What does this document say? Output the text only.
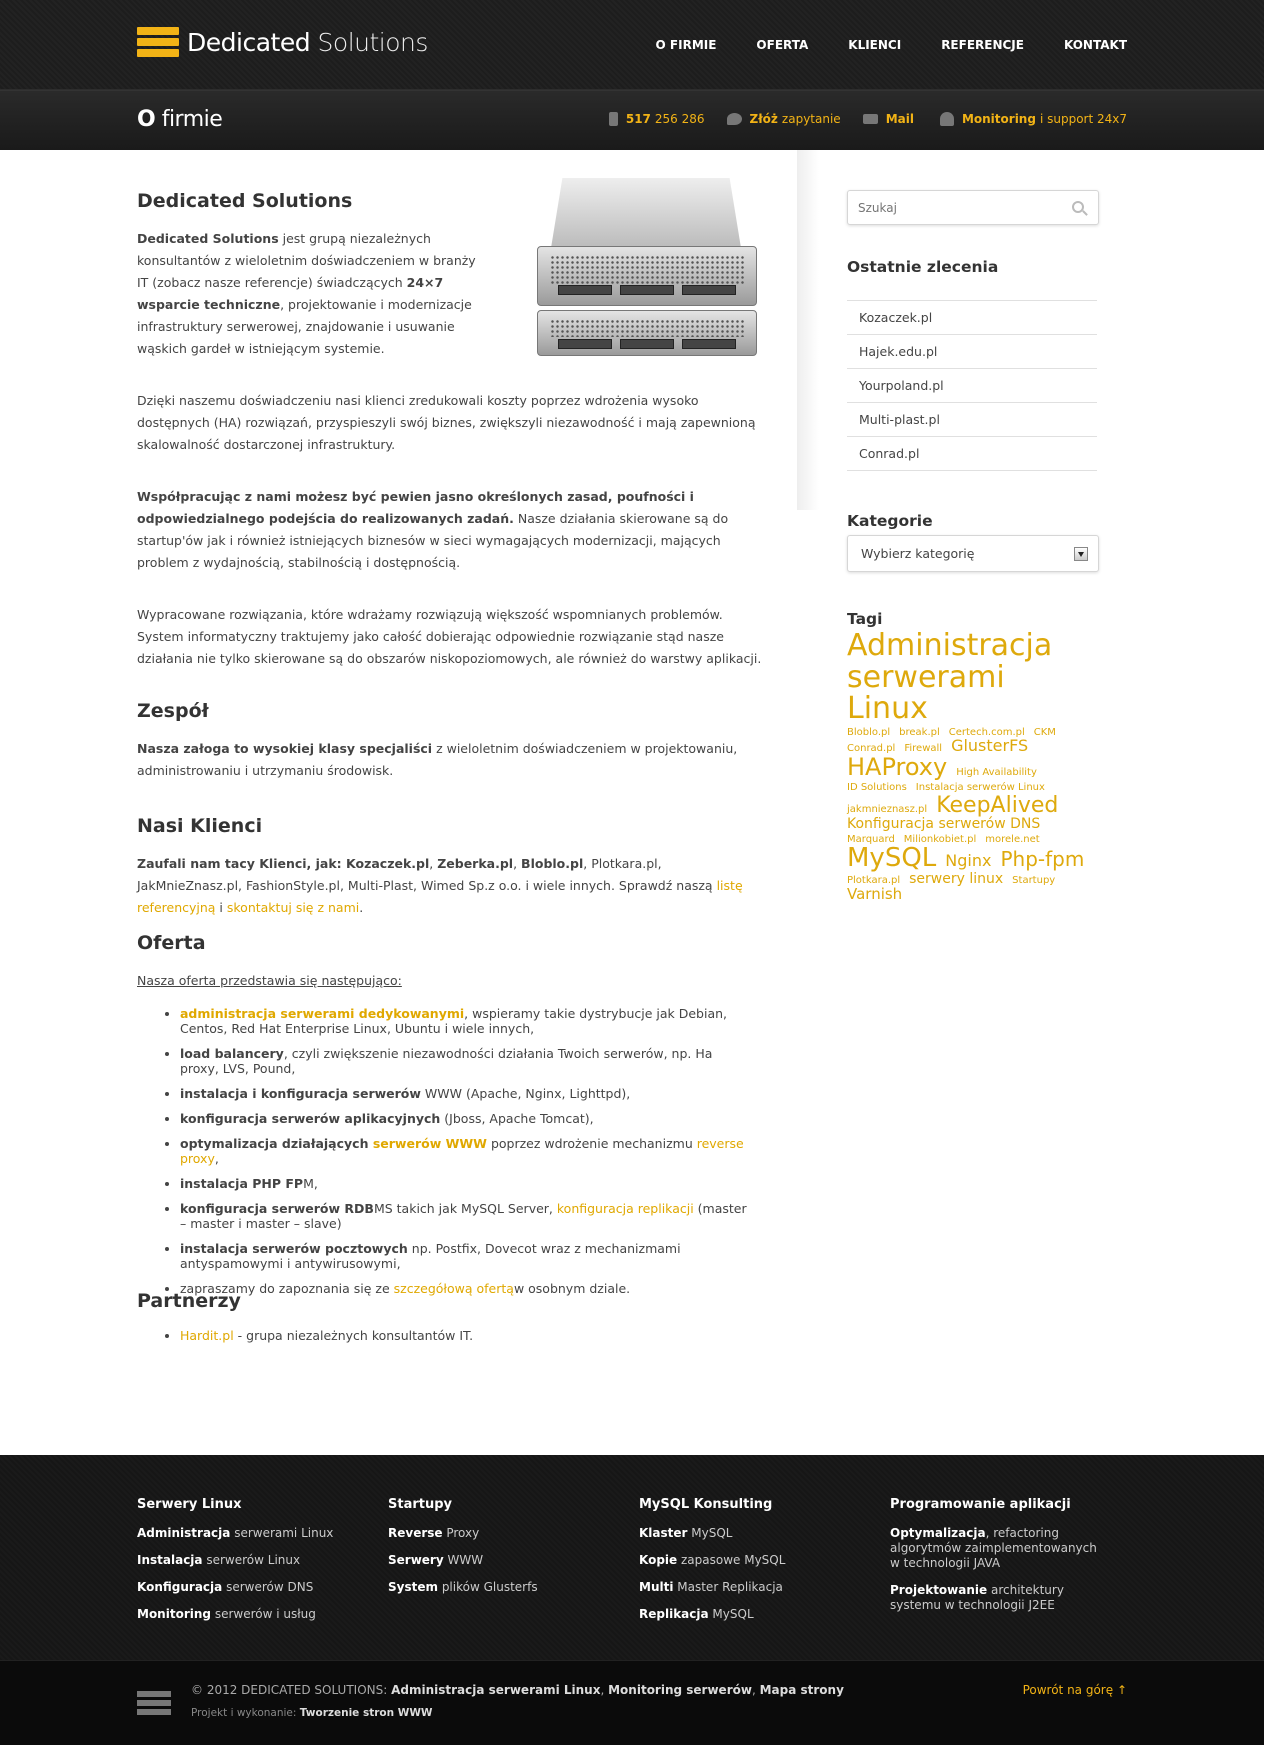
Dedicated Solutions	O FIRMIE	OFERTA	KLIENCI	REFERENCJE	KONTAKT
O firmie	517 256 286	Złóż zapytanie	Mail	Monitoring i support 24x7
Dedicated Solutions

Dedicated Solutions jest grupą niezależnych konsultantów z wieloletnim doświadczeniem w branży IT (zobacz nasze referencje) świadczących 24×7 wsparcie techniczne, projektowanie i modernizacje infrastruktury serwerowej, znajdowanie i usuwanie wąskich gardeł w istniejącym systemie.

Dzięki naszemu doświadczeniu nasi klienci zredukowali koszty poprzez wdrożenia wysoko dostępnych (HA) rozwiązań, przyspieszyli swój biznes, zwiększyli niezawodność i mają zapewnioną skalowalność dostarczonej infrastruktury.

Współpracując z nami możesz być pewien jasno określonych zasad, poufności i odpowiedzialnego podejścia do realizowanych zadań. Nasze działania skierowane są do startup'ów jak i również istniejących biznesów w sieci wymagających modernizacji, mających problem z wydajnością, stabilnością i dostępnością.

Wypracowane rozwiązania, które wdrażamy rozwiązują większość wspomnianych problemów. System informatyczny traktujemy jako całość dobierając odpowiednie rozwiązanie stąd nasze działania nie tylko skierowane są do obszarów niskopoziomowych, ale również do warstwy aplikacji.

Zespół

Nasza załoga to wysokiej klasy specjaliści z wieloletnim doświadczeniem w projektowaniu, administrowaniu i utrzymaniu środowisk.

Nasi Klienci

Zaufali nam tacy Klienci, jak: Kozaczek.pl, Zeberka.pl, Bloblo.pl, Plotkara.pl, JakMnieZnasz.pl, FashionStyle.pl, Multi-Plast, Wimed Sp.z o.o. i wiele innych. Sprawdź naszą listę referencyjną i skontaktuj się z nami.

Oferta

Nasza oferta przedstawia się następująco:

• administracja serwerami dedykowanymi, wspieramy takie dystrybucje jak Debian, Centos, Red Hat Enterprise Linux, Ubuntu i wiele innych,
• load balancery, czyli zwiększenie niezawodności działania Twoich serwerów, np. Ha proxy, LVS, Pound,
• instalacja i konfiguracja serwerów WWW (Apache, Nginx, Lighttpd),
• konfiguracja serwerów aplikacyjnych (Jboss, Apache Tomcat),
• optymalizacja działających serwerów WWW poprzez wdrożenie mechanizmu reverse proxy,
• instalacja PHP FPM,
• konfiguracja serwerów RDBMS takich jak MySQL Server, konfiguracja replikacji (master – master i master – slave)
• instalacja serwerów pocztowych np. Postfix, Dovecot wraz z mechanizmami antyspamowymi i antywirusowymi,
• zapraszamy do zapoznania się ze szczegółową ofertąw osobnym dziale.
Partnerzy
• Hardit.pl - grupa niezależnych konsultantów IT.
Szukaj
Ostatnie zlecenia
Kozaczek.pl
Hajek.edu.pl
Yourpoland.pl
Multi-plast.pl
Conrad.pl
Kategorie
Wybierz kategorię
Tagi
Administracja serwerami LinuxBloblo.pl break.pl Certech.com.pl CKMConrad.pl Firewall GlusterFSHAProxy High AvailabilityID Solutions Instalacja serwerów Linuxjakmnieznasz.pl KeepAlivedKonfiguracja serwerów DNSMarquard Milionkobiet.pl morele.netMySQL Nginx Php-fpmPlotkara.pl serwery linux StartupyVarnish
Serwery Linux

Administracja serwerami Linux

Instalacja serwerów Linux

Konfiguracja serwerów DNS

Monitoring serwerów i usług

Startupy

Reverse Proxy

Serwery WWW

System plików Glusterfs

MySQL Konsulting

Klaster MySQL

Kopie zapasowe MySQL

Multi Master Replikacja

Replikacja MySQL

Programowanie aplikacji

Optymalizacja, refactoring algorytmów zaimplementowanych w technologii JAVA

Projektowanie architektury systemu w technologii J2EE

© 2012 DEDICATED SOLUTIONS: Administracja serwerami Linux, Monitoring serwerów, Mapa strony
Projekt i wykonanie: Tworzenie stron WWW
Powrót na górę ↑
